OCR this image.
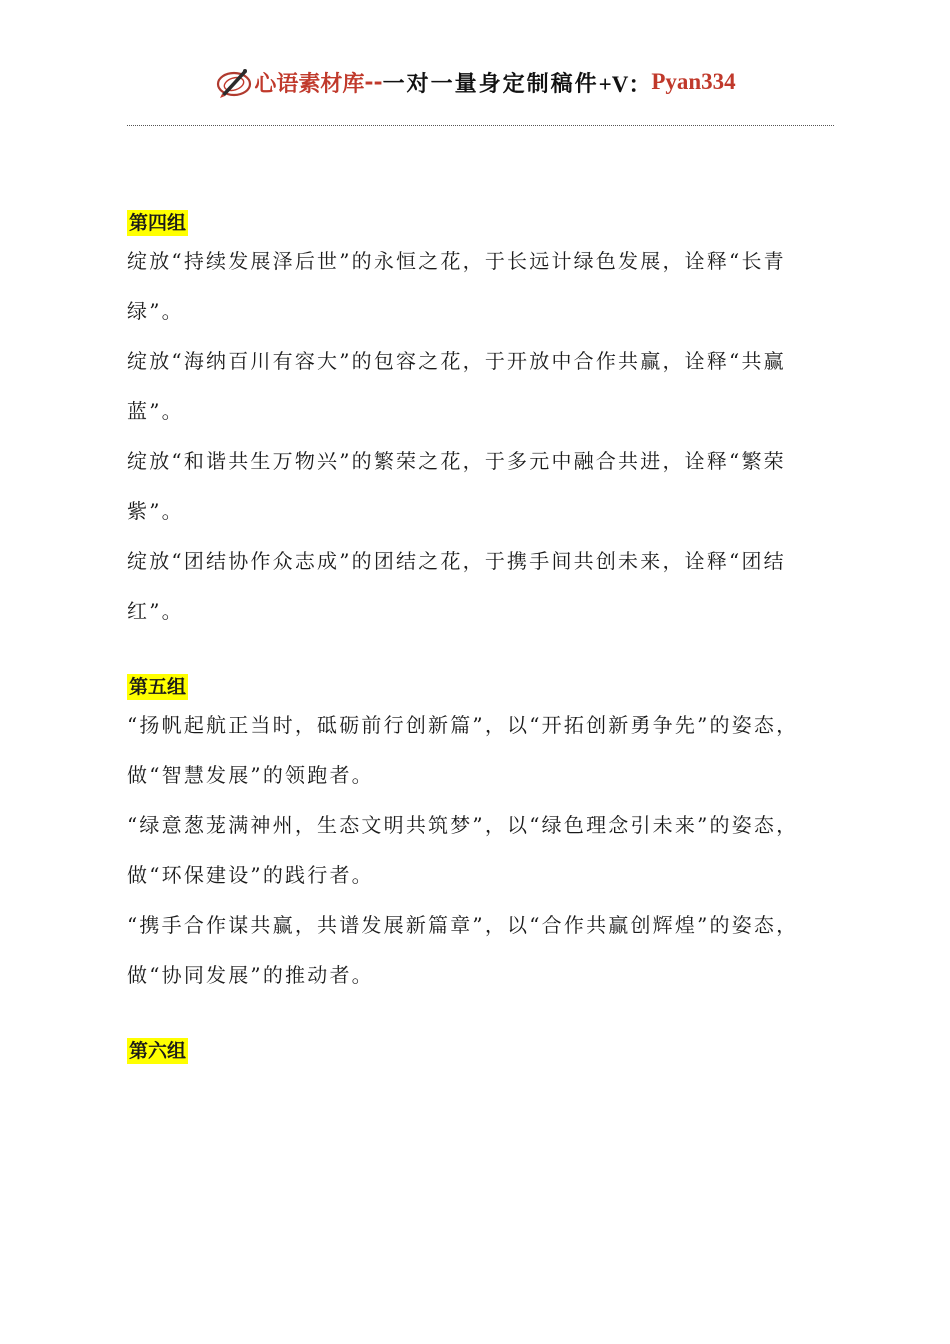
心语素材库 -- 一对一量身定制稿件 +V： Pyan334
第四组

绽放“持续发展泽后世”的永恒之花，于长远计绿色发展，诠释“长青绿”。

绽放“海纳百川有容大”的包容之花，于开放中合作共赢，诠释“共赢蓝”。

绽放“和谐共生万物兴”的繁荣之花，于多元中融合共进，诠释“繁荣紫”。

绽放“团结协作众志成”的团结之花，于携手间共创未来，诠释“团结红”。

第五组

“扬帆起航正当时，砥砺前行创新篇”，以“开拓创新勇争先”的姿态，做“智慧发展”的领跑者。

“绿意葱茏满神州，生态文明共筑梦”，以“绿色理念引未来”的姿态，做“环保建设”的践行者。

“携手合作谋共赢，共谱发展新篇章”，以“合作共赢创辉煌”的姿态，做“协同发展”的推动者。

第六组
